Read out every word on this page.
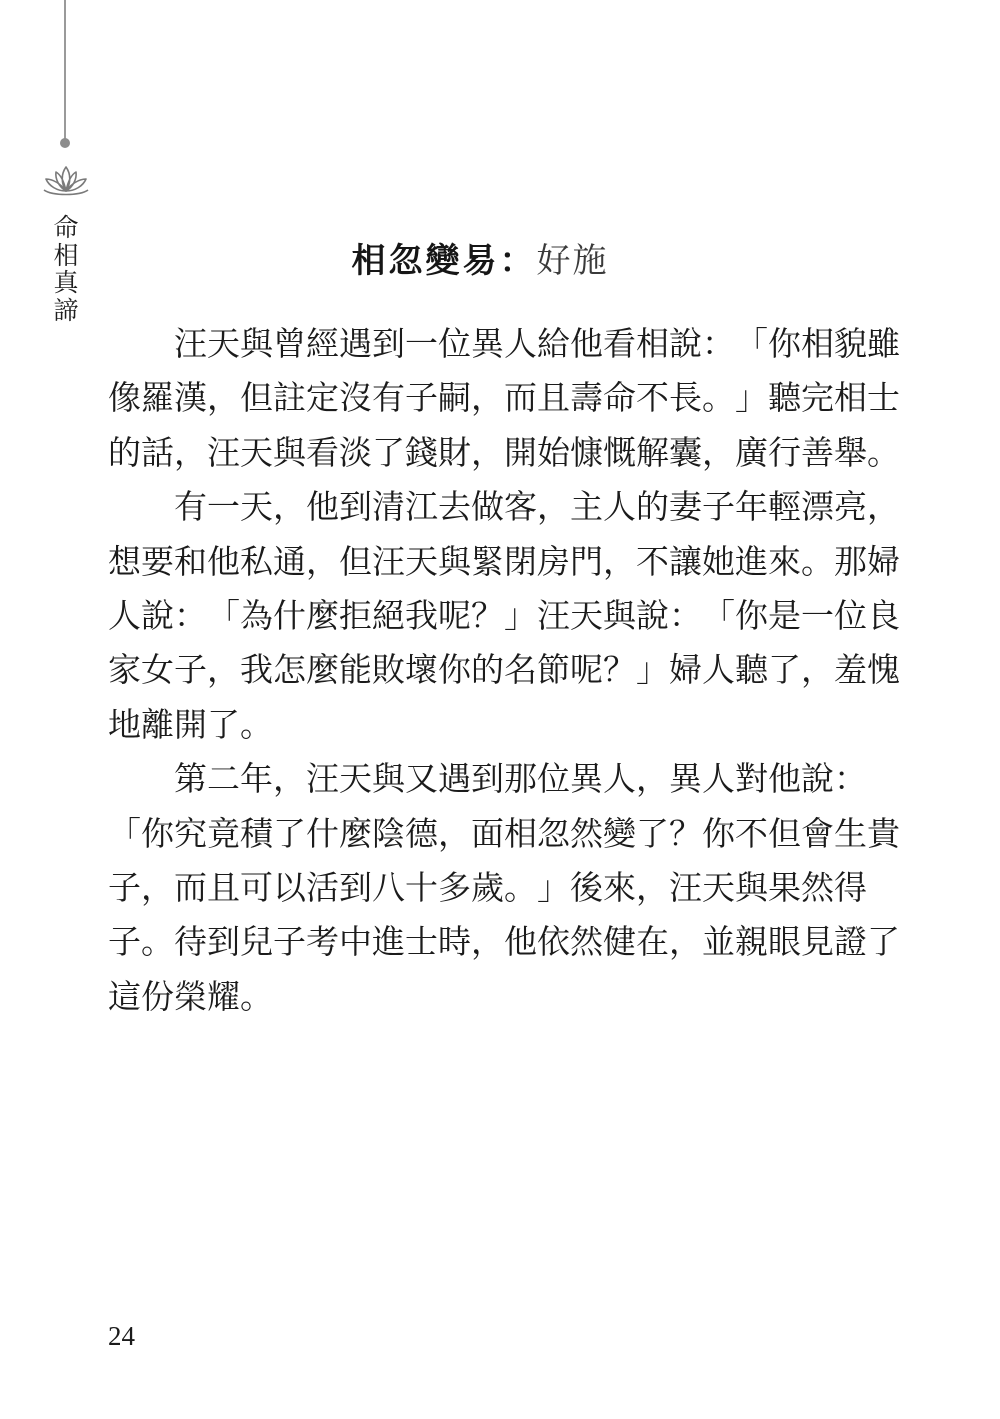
命
相
真
諦
相忽變易：好施
汪 天 與 曾 經 遇 到 一 位 異 人 給 他 看 相 說 ： 「 你 相 貌 雖
像 羅 漢 ， 但 註 定 沒 有 子 嗣 ， 而 且 壽 命 不 長 。 」 聽 完 相 士
的 話 ， 汪 天 與 看 淡 了 錢 財 ， 開 始 慷 慨 解 囊 ， 廣 行 善 舉 。
有 一 天 ， 他 到 清 江 去 做 客 ， 主 人 的 妻 子 年 輕 漂 亮 ，
想 要 和 他 私 通 ， 但 汪 天 與 緊 閉 房 門 ， 不 讓 她 進 來 。 那 婦
人 說 ： 「 為 什 麼 拒 絕 我 呢 ？ 」 汪 天 與 說 ： 「 你 是 一 位 良
家 女 子 ， 我 怎 麼 能 敗 壞 你 的 名 節 呢 ？ 」 婦 人 聽 了 ， 羞 愧
地 離 開 了 。
第 二 年 ， 汪 天 與 又 遇 到 那 位 異 人 ， 異 人 對 他 說 ：
「 你 究 竟 積 了 什 麼 陰 德 ， 面 相 忽 然 變 了 ？ 你 不 但 會 生 貴
子 ， 而 且 可 以 活 到 八 十 多 歲 。 」 後 來 ， 汪 天 與 果 然 得
子 。 待 到 兒 子 考 中 進 士 時 ， 他 依 然 健 在 ， 並 親 眼 見 證 了
這 份 榮 耀 。
24
